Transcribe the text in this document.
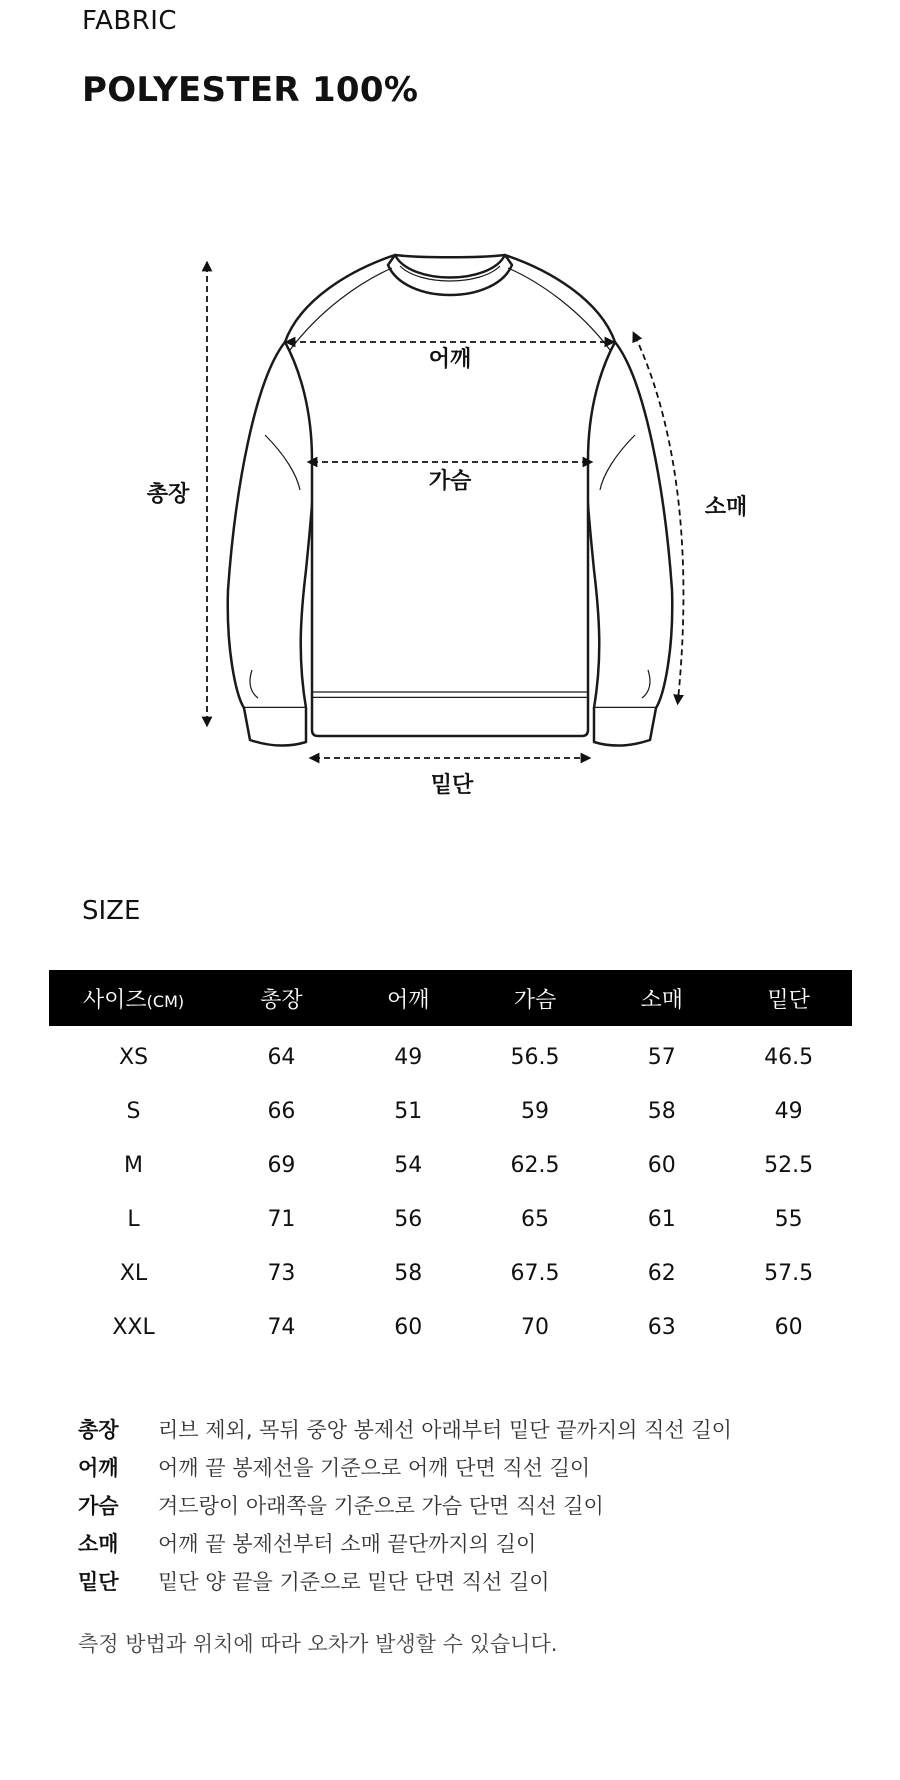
FABRIC
POLYESTER 100%
총장
어깨
가슴
소매
밑단
SIZE
사이즈(CM)	총장	어깨	가슴	소매	밑단
XS	64	49	56.5	57	46.5
S	66	51	59	58	49
M	69	54	62.5	60	52.5
L	71	56	65	61	55
XL	73	58	67.5	62	57.5
XXL	74	60	70	63	60
총장	리브 제외, 목뒤 중앙 봉제선 아래부터 밑단 끝까지의 직선 길이
어깨	어깨 끝 봉제선을 기준으로 어깨 단면 직선 길이
가슴	겨드랑이 아래쪽을 기준으로 가슴 단면 직선 길이
소매	어깨 끝 봉제선부터 소매 끝단까지의 길이
밑단	밑단 양 끝을 기준으로 밑단 단면 직선 길이
측정 방법과 위치에 따라 오차가 발생할 수 있습니다.
